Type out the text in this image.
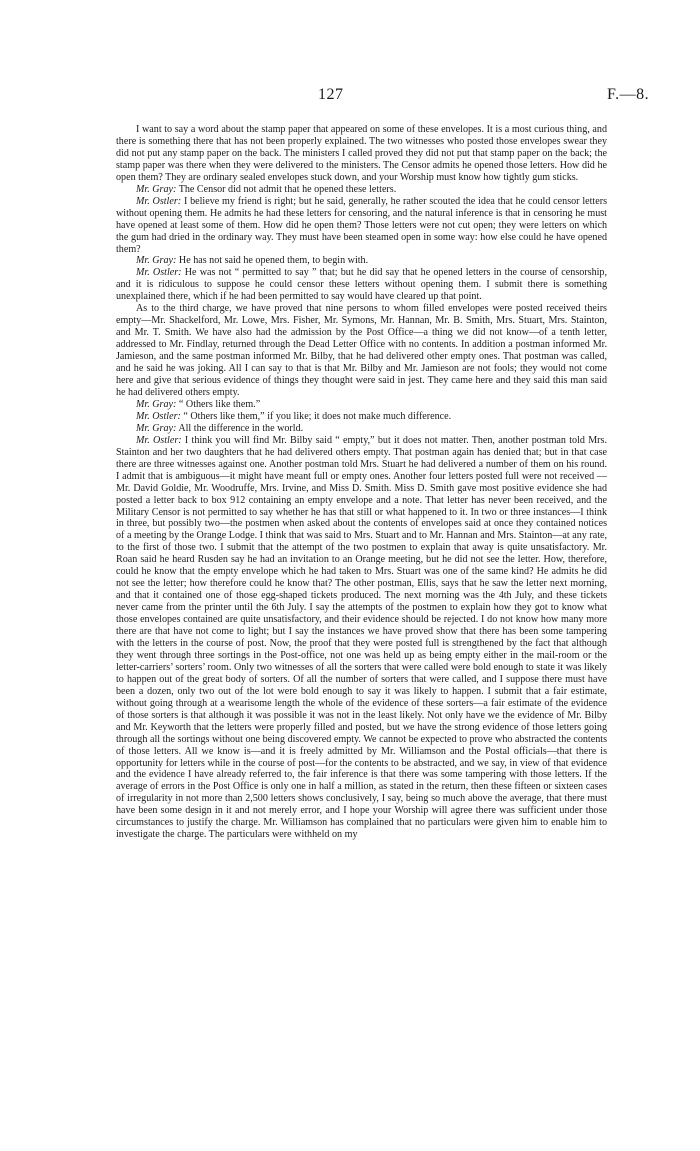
127	F.—8.

I want to say a word about the stamp paper that appeared on some of these envelopes. It is a most curious thing, and there is something there that has not been properly explained. The two witnesses who posted those envelopes swear they did not put any stamp paper on the back. The ministers I called proved they did not put that stamp paper on the back; the stamp paper was there when they were delivered to the ministers. The Censor admits he opened those letters. How did he open them? They are ordinary sealed envelopes stuck down, and your Worship must know how tightly gum sticks.

Mr. Gray: The Censor did not admit that he opened these letters.

Mr. Ostler: I believe my friend is right; but he said, generally, he rather scouted the idea that he could censor letters without opening them. He admits he had these letters for censoring, and the natural inference is that in censoring he must have opened at least some of them. How did he open them? Those letters were not cut open; they were letters on which the gum had dried in the ordinary way. They must have been steamed open in some way: how else could he have opened them?

Mr. Gray: He has not said he opened them, to begin with.

Mr. Ostler: He was not “ permitted to say ” that; but he did say that he opened letters in the course of censorship, and it is ridiculous to suppose he could censor these letters without opening them. I submit there is something unexplained there, which if he had been permitted to say would have cleared up that point.

As to the third charge, we have proved that nine persons to whom filled envelopes were posted received theirs empty—Mr. Shackelford, Mr. Lowe, Mrs. Fisher, Mr. Symons, Mr. Hannan, Mr. B. Smith, Mrs. Stuart, Mrs. Stainton, and Mr. T. Smith. We have also had the admission by the Post Office—a thing we did not know—of a tenth letter, addressed to Mr. Findlay, returned through the Dead Letter Office with no contents. In addition a postman informed Mr. Jamieson, and the same postman informed Mr. Bilby, that he had delivered other empty ones. That postman was called, and he said he was joking. All I can say to that is that Mr. Bilby and Mr. Jamieson are not fools; they would not come here and give that serious evidence of things they thought were said in jest. They came here and they said this man said he had delivered others empty.

Mr. Gray: “ Others like them.”

Mr. Ostler: “ Others like them,” if you like; it does not make much difference.

Mr. Gray: All the difference in the world.

Mr. Ostler: I think you will find Mr. Bilby said “ empty,” but it does not matter. Then, another postman told Mrs. Stainton and her two daughters that he had delivered others empty. That postman again has denied that; but in that case there are three witnesses against one. Another postman told Mrs. Stuart he had delivered a number of them on his round. I admit that is ambiguous—it might have meant full or empty ones. Another four letters posted full were not received —Mr. David Goldie, Mr. Woodruffe, Mrs. Irvine, and Miss D. Smith. Miss D. Smith gave most positive evidence she had posted a letter back to box 912 containing an empty envelope and a note. That letter has never been received, and the Military Censor is not permitted to say whether he has that still or what happened to it. In two or three instances—I think in three, but possibly two—the postmen when asked about the contents of envelopes said at once they contained notices of a meeting by the Orange Lodge. I think that was said to Mrs. Stuart and to Mr. Hannan and Mrs. Stainton—at any rate, to the first of those two. I submit that the attempt of the two postmen to explain that away is quite unsatisfactory. Mr. Roan said he heard Rusden say he had an invitation to an Orange meeting, but he did not see the letter. How, therefore, could he know that the empty envelope which he had taken to Mrs. Stuart was one of the same kind? He admits he did not see the letter; how therefore could he know that? The other postman, Ellis, says that he saw the letter next morning, and that it contained one of those egg-shaped tickets produced. The next morning was the 4th July, and these tickets never came from the printer until the 6th July. I say the attempts of the postmen to explain how they got to know what those envelopes contained are quite unsatisfactory, and their evidence should be rejected. I do not know how many more there are that have not come to light; but I say the instances we have proved show that there has been some tampering with the letters in the course of post. Now, the proof that they were posted full is strengthened by the fact that although they went through three sortings in the Post-office, not one was held up as being empty either in the mail-room or the letter-carriers’ sorters’ room. Only two witnesses of all the sorters that were called were bold enough to state it was likely to happen out of the great body of sorters. Of all the number of sorters that were called, and I suppose there must have been a dozen, only two out of the lot were bold enough to say it was likely to happen. I submit that a fair estimate, without going through at a wearisome length the whole of the evidence of these sorters—a fair estimate of the evidence of those sorters is that although it was possible it was not in the least likely. Not only have we the evidence of Mr. Bilby and Mr. Keyworth that the letters were properly filled and posted, but we have the strong evidence of those letters going through all the sortings without one being discovered empty. We cannot be expected to prove who abstracted the contents of those letters. All we know is—and it is freely admitted by Mr. Williamson and the Postal officials—that there is opportunity for letters while in the course of post—for the contents to be abstracted, and we say, in view of that evidence and the evidence I have already referred to, the fair inference is that there was some tampering with those letters. If the average of errors in the Post Office is only one in half a million, as stated in the return, then these fifteen or sixteen cases of irregularity in not more than 2,500 letters shows conclusively, I say, being so much above the average, that there must have been some design in it and not merely error, and I hope your Worship will agree there was sufficient under those circumstances to justify the charge. Mr. Williamson has complained that no particulars were given him to enable him to investigate the charge. The particulars were withheld on my
